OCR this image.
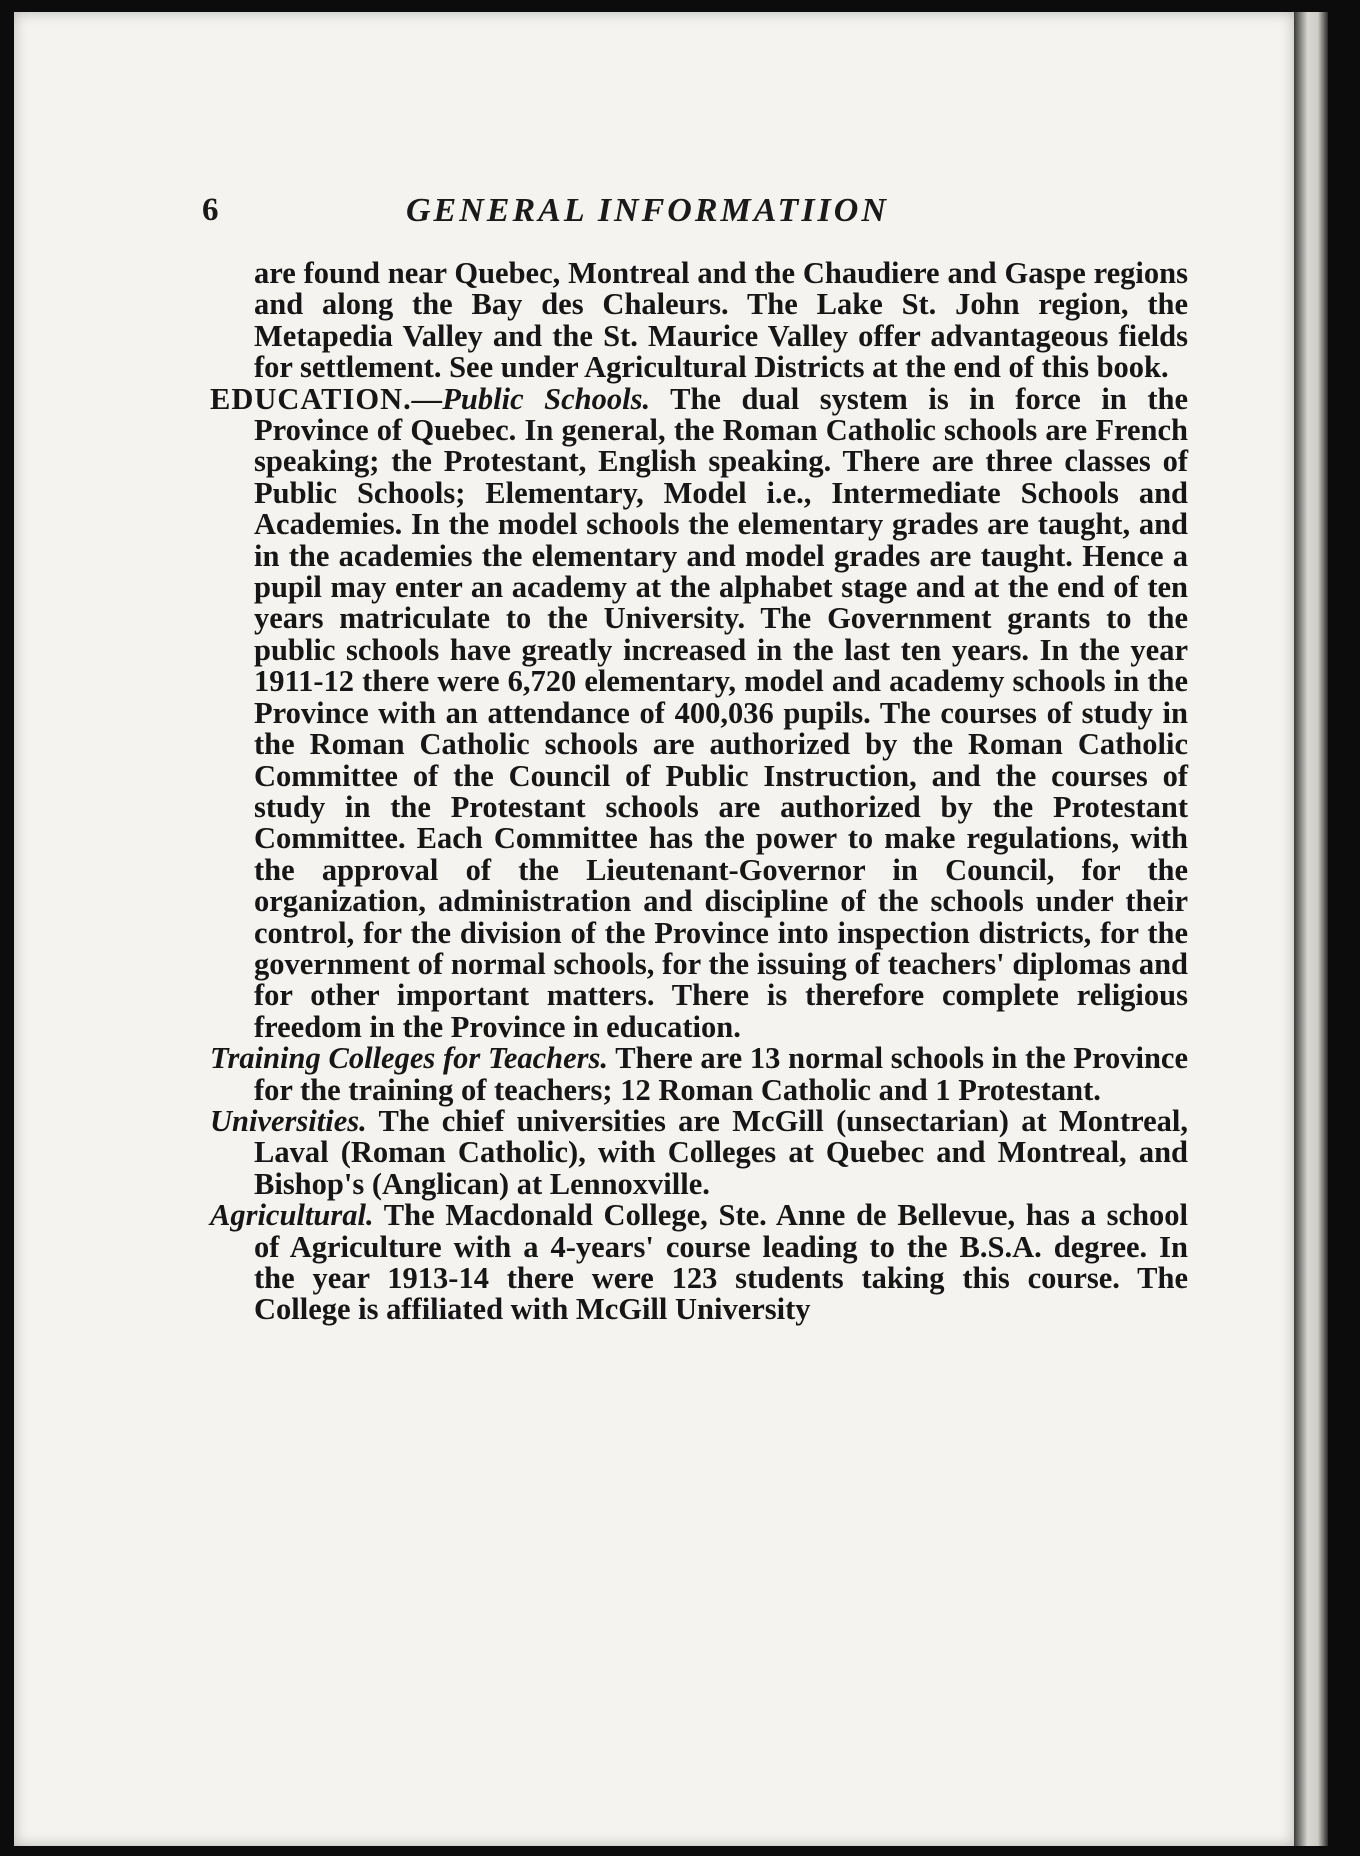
6	GENERAL INFORMATIION

are found near Quebec, Montreal and the Chaudiere and Gaspe regions and along the Bay des Chaleurs. The Lake St. John region, the Metapedia Valley and the St. Maurice Valley offer advantageous fields for settlement. See under Agricultural Districts at the end of this book.

EDUCATION.—Public Schools. The dual system is in force in the Province of Quebec. In general, the Roman Catholic schools are French speaking; the Protestant, English speaking. There are three classes of Public Schools; Elementary, Model i.e., Intermediate Schools and Academies. In the model schools the elementary grades are taught, and in the academies the elementary and model grades are taught. Hence a pupil may enter an academy at the alphabet stage and at the end of ten years matriculate to the University. The Government grants to the public schools have greatly increased in the last ten years. In the year 1911-12 there were 6,720 elementary, model and academy schools in the Province with an attendance of 400,036 pupils. The courses of study in the Roman Catholic schools are authorized by the Roman Catholic Committee of the Council of Public Instruction, and the courses of study in the Protestant schools are authorized by the Protestant Committee. Each Committee has the power to make regulations, with the approval of the Lieutenant-Governor in Council, for the organization, administration and discipline of the schools under their control, for the division of the Province into inspection districts, for the government of normal schools, for the issuing of teachers' diplomas and for other important matters. There is therefore complete religious freedom in the Province in education.

Training Colleges for Teachers. There are 13 normal schools in the Province for the training of teachers; 12 Roman Catholic and 1 Protestant.

Universities. The chief universities are McGill (unsectarian) at Montreal, Laval (Roman Catholic), with Colleges at Quebec and Montreal, and Bishop's (Anglican) at Lennoxville.

Agricultural. The Macdonald College, Ste. Anne de Bellevue, has a school of Agriculture with a 4-years' course leading to the B.S.A. degree. In the year 1913-14 there were 123 students taking this course. The College is affiliated with McGill University
